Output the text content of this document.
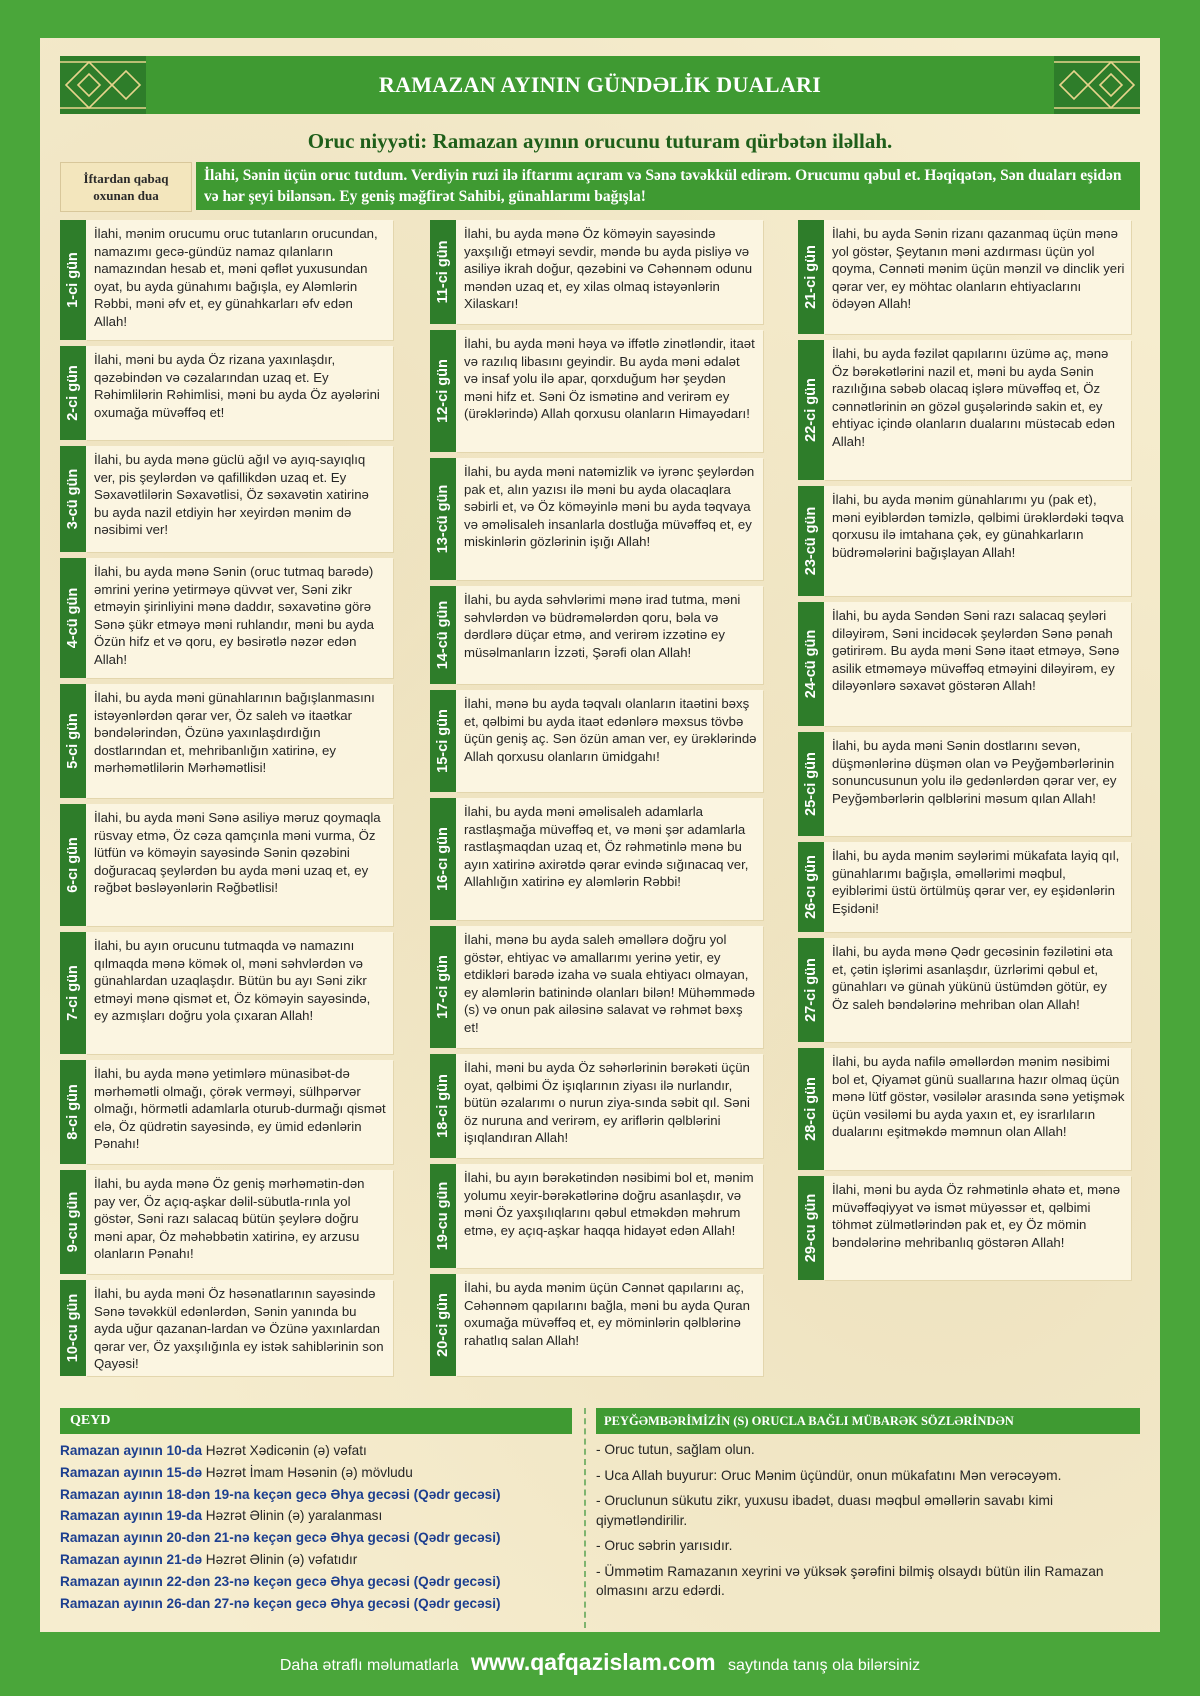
RAMAZAN AYININ GÜNDƏLİK DUALARI
Oruc niyyəti: Ramazan ayının orucunu tuturam qürbətən iləllah.
İftardan qabaq
oxunan dua
İlahi, Sənin üçün oruc tutdum. Verdiyin ruzi ilə iftarımı açıram və Sənə təvəkkül edirəm. Orucumu qəbul et. Həqiqətən, Sən duaları eşidən və hər şeyi bilənsən. Ey geniş məğfirət Sahibi, günahlarımı bağışla!
1-ci gün
İlahi, mənim orucumu oruc tutanların orucundan, namazımı gecə-gündüz namaz qılanların namazından hesab et, məni qəflət yuxusundan oyat, bu ayda günahımı bağışla, ey Aləmlərin Rəbbi, məni əfv et, ey günahkarları əfv edən Allah!
2-ci gün
İlahi, məni bu ayda Öz rizana yaxınlaşdır, qəzəbindən və cəzalarından uzaq et. Ey Rəhimlilərin Rəhimlisi, məni bu ayda Öz ayələrini oxumağa müvəffəq et!
3-cü gün
İlahi, bu ayda mənə güclü ağıl və ayıq-sayıqlıq ver, pis şeylərdən və qafillikdən uzaq et. Ey Səxavətlilərin Səxavətlisi, Öz səxavətin xatirinə bu ayda nazil etdiyin hər xeyirdən mənim də nəsibimi ver!
4-cü gün
İlahi, bu ayda mənə Sənin (oruc tutmaq barədə) əmrini yerinə yetirməyə qüvvət ver, Səni zikr etməyin şirinliyini mənə daddır, səxavətinə görə Sənə şükr etməyə məni ruhlandır, məni bu ayda Özün hifz et və qoru, ey bəsirətlə nəzər edən Allah!
5-ci gün
İlahi, bu ayda məni günahlarının bağışlanmasını istəyənlərdən qərar ver, Öz saleh və itaətkar bəndələrindən, Özünə yaxınlaşdırdığın dostlarından et, mehribanlığın xatirinə, ey mərhəmətlilərin Mərhəmətlisi!
6-cı gün
İlahi, bu ayda məni Sənə asiliyə məruz qoymaqla rüsvay etmə, Öz cəza qamçınla məni vurma, Öz lütfün və köməyin sayəsində Sənin qəzəbini doğuracaq şeylərdən bu ayda məni uzaq et, ey rəğbət bəsləyənlərin Rəğbətlisi!
7-ci gün
İlahi, bu ayın orucunu tutmaqda və namazını qılmaqda mənə kömək ol, məni səhvlərdən və günahlardan uzaqlaşdır. Bütün bu ayı Səni zikr etməyi mənə qismət et, Öz köməyin sayəsində, ey azmışları doğru yola çıxaran Allah!
8-ci gün
İlahi, bu ayda mənə yetimlərə münasibət-də mərhəmətli olmağı, çörək verməyi, sülhpərvər olmağı, hörmətli adamlarla oturub-durmağı qismət elə, Öz qüdrətin sayəsində, ey ümid edənlərin Pənahı!
9-cu gün
İlahi, bu ayda mənə Öz geniş mərhəmətin-dən pay ver, Öz açıq-aşkar dəlil-sübutla-rınla yol göstər, Səni razı salacaq bütün şeylərə doğru məni apar, Öz məhəbbətin xatirinə, ey arzusu olanların Pənahı!
11-ci gün
İlahi, bu ayda mənə Öz köməyin sayəsində yaxşılığı etməyi sevdir, məndə bu ayda pisliyə və asiliyə ikrah doğur, qəzəbini və Cəhənnəm odunu məndən uzaq et, ey xilas olmaq istəyənlərin Xilaskarı!
12-ci gün
İlahi, bu ayda məni həya və iffətlə zinətləndir, itaət və razılıq libasını geyindir. Bu ayda məni ədalət və insaf yolu ilə apar, qorxduğum hər şeydən məni hifz et. Səni Öz ismətinə and verirəm ey (ürəklərində) Allah qorxusu olanların Himayədarı!
13-cü gün
İlahi, bu ayda məni natəmizlik və iyrənc şeylərdən pak et, alın yazısı ilə məni bu ayda olacaqlara səbirli et, və Öz köməyinlə məni bu ayda təqvaya və əməlisaleh insanlarla dostluğa müvəffəq et, ey miskinlərin gözlərinin işığı Allah!
14-cü gün
İlahi, bu ayda səhvlərimi mənə irad tutma, məni səhvlərdən və büdrəmələrdən qoru, bəla və dərdlərə düçar etmə, and verirəm izzətinə ey müsəlmanların İzzəti, Şərəfi olan Allah!
15-ci gün
İlahi, mənə bu ayda təqvalı olanların itaətini bəxş et, qəlbimi bu ayda itaət edənlərə məxsus tövbə üçün geniş aç. Sən özün aman ver, ey ürəklərində Allah qorxusu olanların ümidgahı!
16-cı gün
İlahi, bu ayda məni əməlisaleh adamlarla rastlaşmağa müvəffəq et, və məni şər adamlarla rastlaşmaqdan uzaq et, Öz rəhmətinlə mənə bu ayın xatirinə axirətdə qərar evində sığınacaq ver, Allahlığın xatirinə ey aləmlərin Rəbbi!
17-ci gün
İlahi, mənə bu ayda saleh əməllərə doğru yol göstər, ehtiyac və amallarımı yerinə yetir, ey etdikləri barədə izaha və suala ehtiyacı olmayan, ey aləmlərin batinində olanları bilən! Mühəmmədə (s) və onun pak ailəsinə salavat və rəhmət bəxş et!
18-ci gün
İlahi, məni bu ayda Öz səhərlərinin bərəkəti üçün oyat, qəlbimi Öz işıqlarının ziyası ilə nurlandır, bütün əzalarımı o nurun ziya-sında səbit qıl. Səni öz nuruna and verirəm, ey ariflərin qəlblərini işıqlandıran Allah!
19-cu gün
İlahi, bu ayın bərəkətindən nəsibimi bol et, mənim yolumu xeyir-bərəkətlərinə doğru asanlaşdır, və məni Öz yaxşılıqlarını qəbul etməkdən məhrum etmə, ey açıq-aşkar haqqa hidayət edən Allah!
21-ci gün
İlahi, bu ayda Sənin rizanı qazanmaq üçün mənə yol göstər, Şeytanın məni azdırması üçün yol qoyma, Cənnəti mənim üçün mənzil və dinclik yeri qərar ver, ey möhtac olanların ehtiyaclarını ödəyən Allah!
22-ci gün
İlahi, bu ayda fəzilət qapılarını üzümə aç, mənə Öz bərəkətlərini nazil et, məni bu ayda Sənin razılığına səbəb olacaq işlərə müvəffəq et, Öz cənnətlərinin ən gözəl guşələrində sakin et, ey ehtiyac içində olanların dualarını müstəcab edən Allah!
23-cü gün
İlahi, bu ayda mənim günahlarımı yu (pak et), məni eyiblərdən təmizlə, qəlbimi ürəklərdəki təqva qorxusu ilə imtahana çək, ey günahkarların büdrəmələrini bağışlayan Allah!
24-cü gün
İlahi, bu ayda Səndən Səni razı salacaq şeyləri diləyirəm, Səni incidəcək şeylərdən Sənə pənah gətirirəm. Bu ayda məni Sənə itaət etməyə, Sənə asilik etməməyə müvəffəq etməyini diləyirəm, ey diləyənlərə səxavət göstərən Allah!
25-ci gün
İlahi, bu ayda məni Sənin dostlarını sevən, düşmənlərinə düşmən olan və Peyğəmbərlərinin sonuncusunun yolu ilə gedənlərdən qərar ver, ey Peyğəmbərlərin qəlblərini məsum qılan Allah!
26-cı gün İlahi, bu ayda mənim səylərimi mükafata layiq qıl, günahlarımı bağışla, əməllərimi məqbul, eyiblərimi üstü örtülmüş qərar ver, ey eşidənlərin Eşidəni!
27-ci gün
İlahi, bu ayda mənə Qədr gecəsinin fəzilətini əta et, çətin işlərimi asanlaşdır, üzrlərimi qəbul et, günahları və günah yükünü üstümdən götür, ey Öz saleh bəndələrinə mehriban olan Allah!
28-ci gün
İlahi, bu ayda nafilə əməllərdən mənim nəsibimi bol et, Qiyamət günü suallarına hazır olmaq üçün mənə lütf göstər, vəsilələr arasında sənə yetişmək üçün vəsiləmi bu ayda yaxın et, ey israrlıların dualarını eşitməkdə məmnun olan Allah!
29-cu gün
İlahi, məni bu ayda Öz rəhmətinlə əhatə et, mənə müvəffəqiyyət və ismət müyəssər et, qəlbimi töhmət zülmətlərindən pak et, ey Öz mömin bəndələrinə mehribanlıq göstərən Allah!
QEYD
Ramazan ayının 10-da Həzrət Xədicənin (ə) vəfatı
Ramazan ayının 15-də Həzrət İmam Həsənin (ə) mövludu
Ramazan ayının 18-dən 19-na keçən gecə Əhya gecəsi (Qədr gecəsi)
Ramazan ayının 19-da Həzrət Əlinin (ə) yaralanması
Ramazan ayının 20-dən 21-nə keçən gecə Əhya gecəsi (Qədr gecəsi)
Ramazan ayının 21-də Həzrət Əlinin (ə) vəfatıdır
Ramazan ayının 22-dən 23-nə keçən gecə Əhya gecəsi (Qədr gecəsi)
Ramazan ayının 26-dan 27-nə keçən gecə Əhya gecəsi (Qədr gecəsi)
PEYĞƏMBƏRİMİZİN (S) ORUCLA BAĞLI MÜBARƏK SÖZLƏRİNDƏN
- Oruc tutun, sağlam olun.
- Uca Allah buyurur: Oruc Mənim üçündür, onun mükafatını Mən verəcəyəm.
- Oruclunun sükutu zikr, yuxusu ibadət, duası məqbul əməllərin savabı kimi qiymətləndirilir.
- Oruc səbrin yarısıdır.
- Ümmətim Ramazanın xeyrini və yüksək şərəfini bilmiş olsaydı bütün ilin Ramazan olmasını arzu edərdi.
10-cu gün
İlahi, bu ayda məni Öz həsənatlarının sayəsində Sənə təvəkkül edənlərdən, Sənin yanında bu ayda uğur qazanan-lardan və Özünə yaxınlardan qərar ver, Öz yaxşılığınla ey istək sahiblərinin son Qayəsi!
20-ci gün
İlahi, bu ayda mənim üçün Cənnət qapılarını aç, Cəhənnəm qapılarını bağla, məni bu ayda Quran oxumağa müvəffəq et, ey möminlərin qəlblərinə rahatlıq salan Allah!
Daha ətraflı məlumatlarla www.qafqazislam.com saytında tanış ola bilərsiniz
